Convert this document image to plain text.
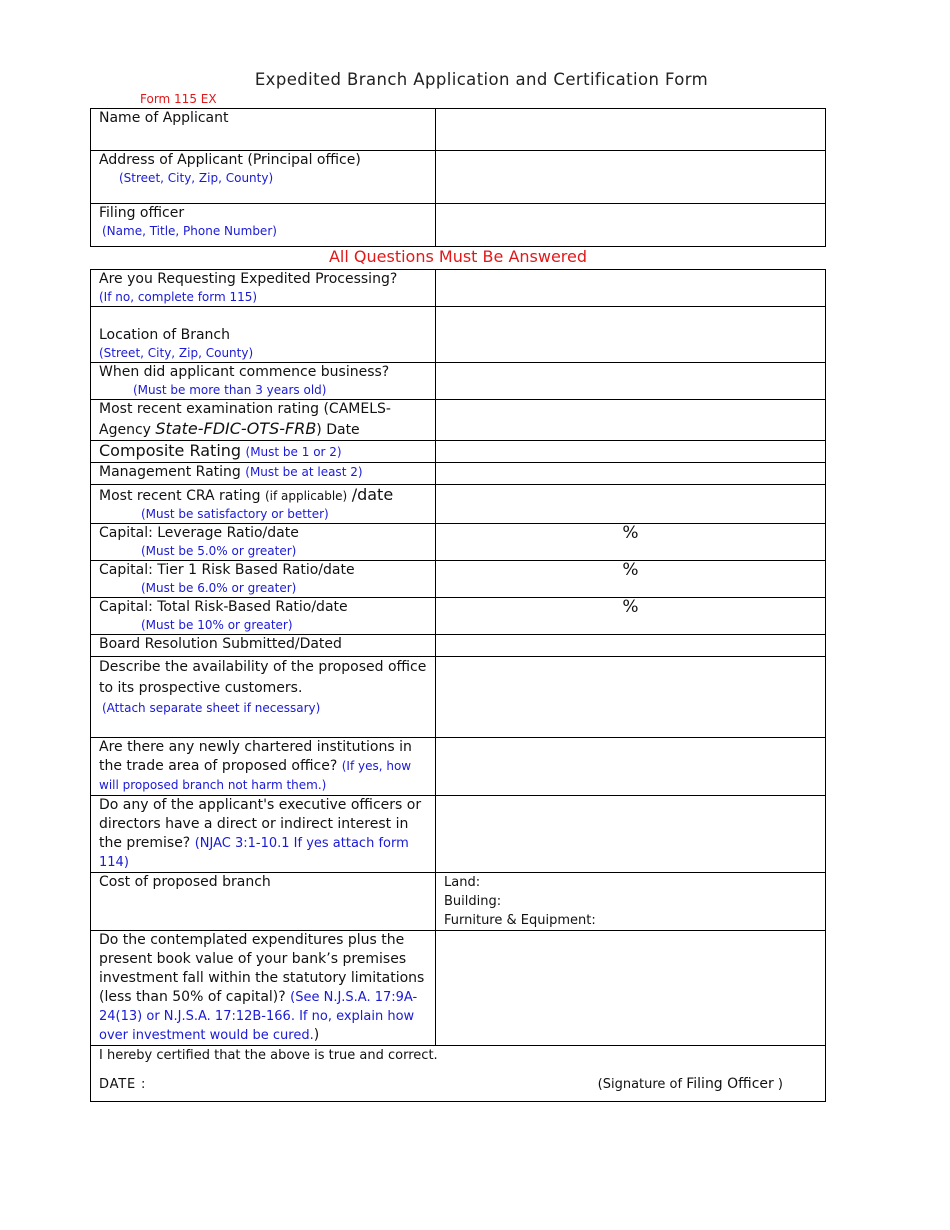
Expedited Branch Application and Certification Form
Form 115 EX
Name of Applicant	

Address of Applicant (Principal office)
(Street, City, Zip, County)	

Filing officer
(Name, Title, Phone Number)	

All Questions Must Be Answered
Are you Requesting Expedited Processing?
(If no, complete form 115)	

Location of Branch
(Street, City, Zip, County)	

When did applicant commence business?
(Must be more than 3 years old)	

Most recent examination rating (CAMELS-
Agency State-FDIC-OTS-FRB) Date	

Composite Rating (Must be 1 or 2)	
Management Rating (Must be at least 2)	

Most recent CRA rating (if applicable) /date
(Must be satisfactory or better)	

Capital: Leverage Ratio/date
(Must be 5.0% or greater)	%

Capital: Tier 1 Risk Based Ratio/date
(Must be 6.0% or greater)	%

Capital: Total Risk-Based Ratio/date
(Must be 10% or greater)	%
Board Resolution Submitted/Dated	

Describe the availability of the proposed office to its prospective customers.
(Attach separate sheet if necessary)	

Are there any newly chartered institutions in the trade area of proposed office? (If yes, how will proposed branch not harm them.)	
Do any of the applicant's executive officers or directors have a direct or indirect interest in the premise? (NJAC 3:1-10.1 If yes attach form 114)	
Cost of proposed branch	Land:
Building:
Furniture & Equipment:

Do the contemplated expenditures plus the present book value of your bank’s premises investment fall within the statutory limitations (less than 50% of capital)? (See N.J.S.A. 17:9A-24(13) or N.J.S.A. 17:12B-166. If no, explain how over investment would be cured.)	

I hereby certified that the above is true and correct.
DATE : (Signature of Filing Officer )	
